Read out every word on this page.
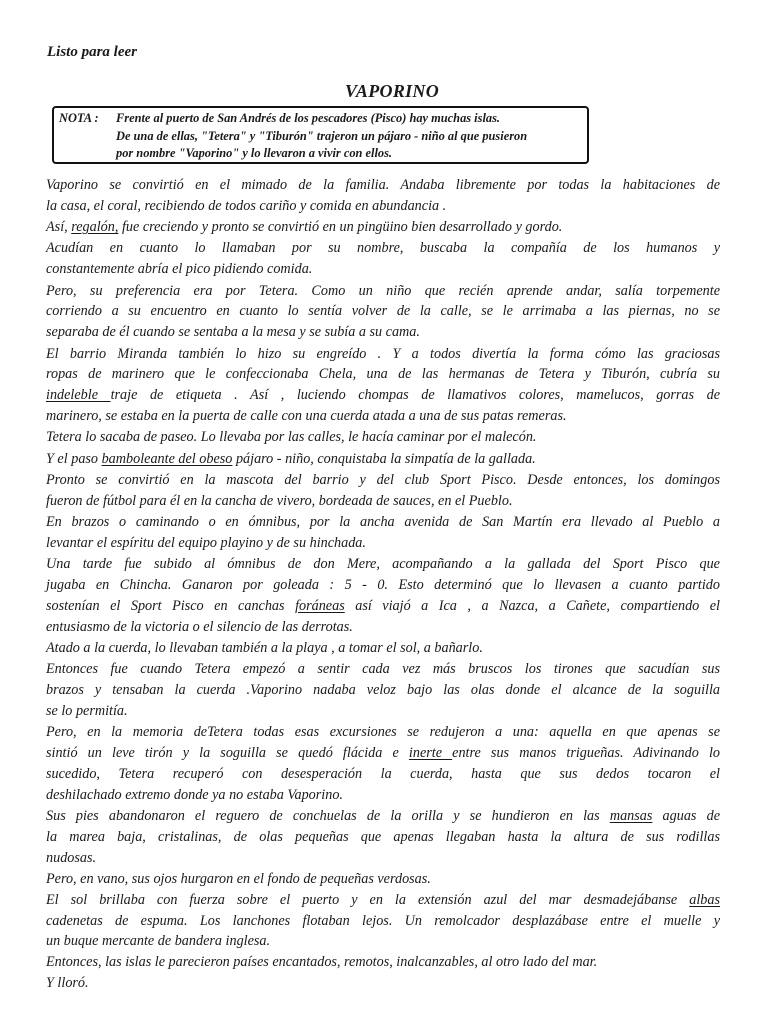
Listo para leer
VAPORINO
NOTA : Frente al puerto de San Andrés de los pescadores (Pisco) hay muchas islas.
De una de ellas, "Tetera" y "Tiburón" trajeron un pájaro - niño al que pusieron
por nombre "Vaporino" y lo llevaron a vivir con ellos.
Vaporino se convirtió en el mimado de la familia. Andaba libremente por todas la habitaciones de
la casa, el coral, recibiendo de todos cariño y comida en abundancia .
Así, regalón, fue creciendo y pronto se convirtió en un pingüino bien desarrollado y gordo.
Acudían en cuanto lo llamaban por su nombre, buscaba la compañía de los humanos y
constantemente abría el pico pidiendo comida.
Pero, su preferencia era por Tetera. Como un niño que recién aprende andar, salía torpemente
corriendo a su encuentro en cuanto lo sentía volver de la calle, se le arrimaba a las piernas, no se
separaba de él cuando se sentaba a la mesa y se subía a su cama.
El barrio Miranda también lo hizo su engreído . Y a todos divertía la forma cómo las graciosas
ropas de marinero que le confeccionaba Chela, una de las hermanas de Tetera y Tiburón, cubría su
indeleble traje de etiqueta . Así , luciendo chompas de llamativos colores, mamelucos, gorras de
marinero, se estaba en la puerta de calle con una cuerda atada a una de sus patas remeras.
Tetera lo sacaba de paseo. Lo llevaba por las calles, le hacía caminar por el malecón.
Y el paso bamboleante del obeso pájaro - niño, conquistaba la simpatía de la gallada.
Pronto se convirtió en la mascota del barrio y del club Sport Pisco. Desde entonces, los domingos
fueron de fútbol para él en la cancha de vivero, bordeada de sauces, en el Pueblo.
En brazos o caminando o en ómnibus, por la ancha avenida de San Martín era llevado al Pueblo a
levantar el espíritu del equipo playino y de su hinchada.
Una tarde fue subido al ómnibus de don Mere, acompañando a la gallada del Sport Pisco que
jugaba en Chincha. Ganaron por goleada : 5 - 0. Esto determinó que lo llevasen a cuanto partido
sostenían el Sport Pisco en canchas foráneas así viajó a Ica , a Nazca, a Cañete, compartiendo el
entusiasmo de la victoria o el silencio de las derrotas.
Atado a la cuerda, lo llevaban también a la playa , a tomar el sol, a bañarlo.
Entonces fue cuando Tetera empezó a sentir cada vez más bruscos los tirones que sacudían sus
brazos y tensaban la cuerda .Vaporino nadaba veloz bajo las olas donde el alcance de la soguilla
se lo permitía.
Pero, en la memoria deTetera todas esas excursiones se redujeron a una: aquella en que apenas se
sintió un leve tirón y la soguilla se quedó flácida e inerte entre sus manos trigueñas. Adivinando lo
sucedido, Tetera recuperó con desesperación la cuerda, hasta que sus dedos tocaron el
deshilachado extremo donde ya no estaba Vaporino.
Sus pies abandonaron el reguero de conchuelas de la orilla y se hundieron en las mansas aguas de
la marea baja, cristalinas, de olas pequeñas que apenas llegaban hasta la altura de sus rodillas
nudosas.
Pero, en vano, sus ojos hurgaron en el fondo de pequeñas verdosas.
El sol brillaba con fuerza sobre el puerto y en la extensión azul del mar desmadejábanse albas
cadenetas de espuma. Los lanchones flotaban lejos. Un remolcador desplazábase entre el muelle y
un buque mercante de bandera inglesa.
Entonces, las islas le parecieron países encantados, remotos, inalcanzables, al otro lado del mar.
Y lloró.
